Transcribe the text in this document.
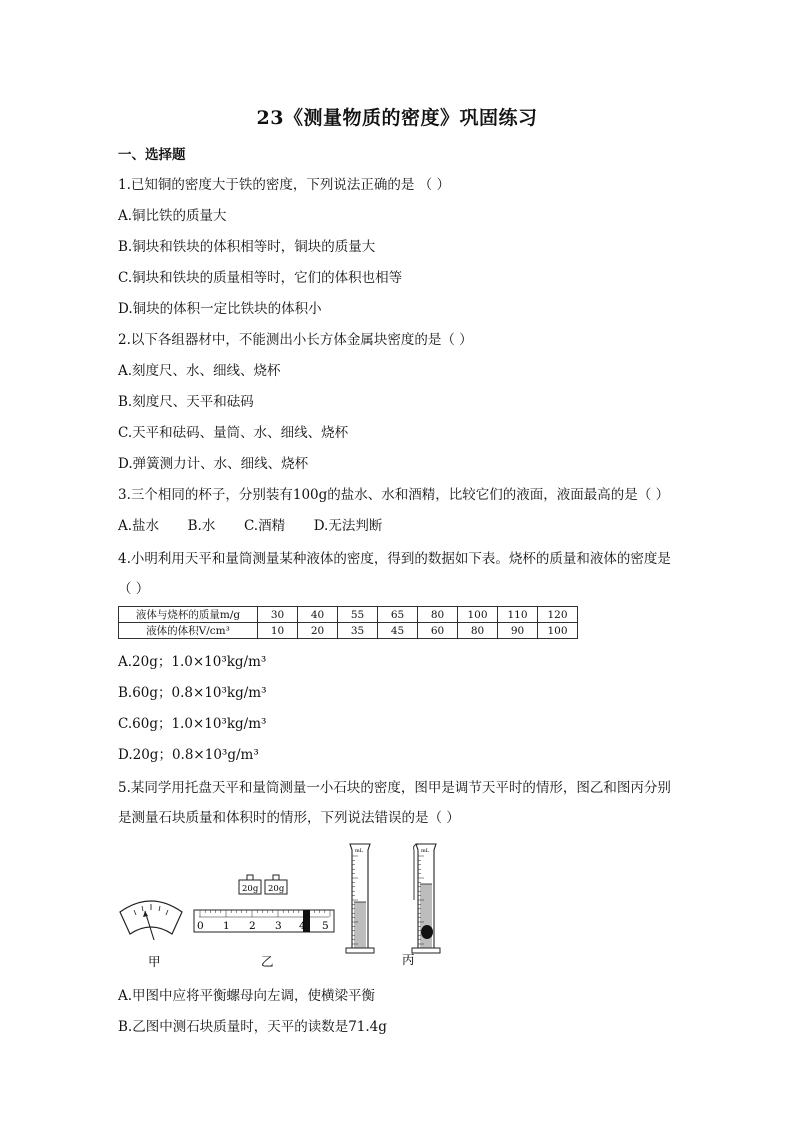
23《测量物质的密度》巩固练习
一、选择题
1.已知铜的密度大于铁的密度，下列说法正确的是 （ ）
A.铜比铁的质量大
B.铜块和铁块的体积相等时，铜块的质量大
C.铜块和铁块的质量相等时，它们的体积也相等
D.铜块的体积一定比铁块的体积小
2.以下各组器材中，不能测出小长方体金属块密度的是（ ）
A.刻度尺、水、细线、烧杯
B.刻度尺、天平和砝码
C.天平和砝码、量筒、水、细线、烧杯
D.弹簧测力计、水、细线、烧杯
3.三个相同的杯子，分别装有100g的盐水、水和酒精，比较它们的液面，液面最高的是（ ）
A.盐水 B.水 C.酒精 D.无法判断
4.小明利用天平和量筒测量某种液体的密度，得到的数据如下表。烧杯的质量和液体的密度是
（ ）
液体与烧杯的质量m/g	30	40	55	65	80	100	110	120
液体的体积V/cm³	10	20	35	45	60	80	90	100
A.20g；1.0×10³kg/m³
B.60g；0.8×10³kg/m³
C.60g；1.0×10³kg/m³
D.20g；0.8×10³g/m³
5.某同学用托盘天平和量筒测量一小石块的密度，图甲是调节天平时的情形，图乙和图丙分别
是测量石块质量和体积时的情形，下列说法错误的是（ ）
甲
20g 20g
0 1 2 3 4 5
乙
mL	mL
丙
A.甲图中应将平衡螺母向左调，使横梁平衡
B.乙图中测石块质量时，天平的读数是71.4g
